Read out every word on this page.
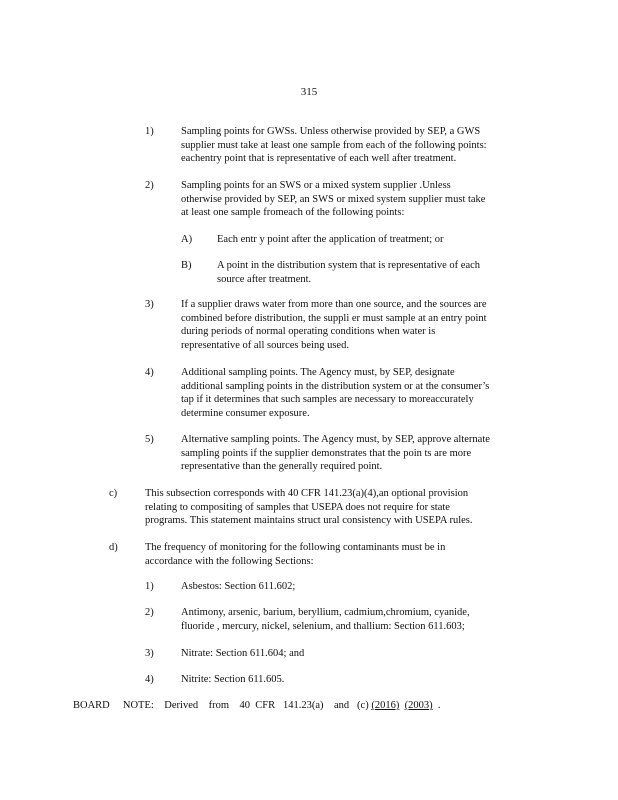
315
1)	Sampling points for GWSs. Unless otherwise provided by SEP, a GWS
supplier must take at least one sample from each of the following points:
eachentry point that is representative of each well after treatment.
2)	Sampling points for an SWS or a mixed system supplier .Unless
otherwise provided by SEP, an SWS or mixed system supplier must take
at least one sample fromeach of the following points:
A) Each entr y point after the application of treatment; or
B) A point in the distribution system that is representative of each
source after treatment.
3)	If a supplier draws water from more than one source, and the sources are
combined before distribution, the suppli er must sample at an entry point
during periods of normal operating conditions when water is
representative of all sources being used.
4)	Additional sampling points. The Agency must, by SEP, designate
additional sampling points in the distribution system or at the consumer’s
tap if it determines that such samples are necessary to moreaccurately
determine consumer exposure.
5)	Alternative sampling points. The Agency must, by SEP, approve alternate
sampling points if the supplier demonstrates that the poin ts are more
representative than the generally required point.
c)	This subsection corresponds with 40 CFR 141.23(a)(4),an optional provision
relating to compositing of samples that USEPA does not require for state
programs. This statement maintains struct ural consistency with USEPA rules.
d)	The frequency of monitoring for the following contaminants must be in
accordance with the following Sections:
1)	Asbestos: Section 611.602;
2)	Antimony, arsenic, barium, beryllium, cadmium,chromium, cyanide,
fluoride , mercury, nickel, selenium, and thallium: Section 611.603;
3)	Nitrate: Section 611.604; and
4)	Nitrite: Section 611.605.
BOARD     NOTE:    Derived    from    40  CFR   141.23(a)    and   (c) (2016) (2003)  .
